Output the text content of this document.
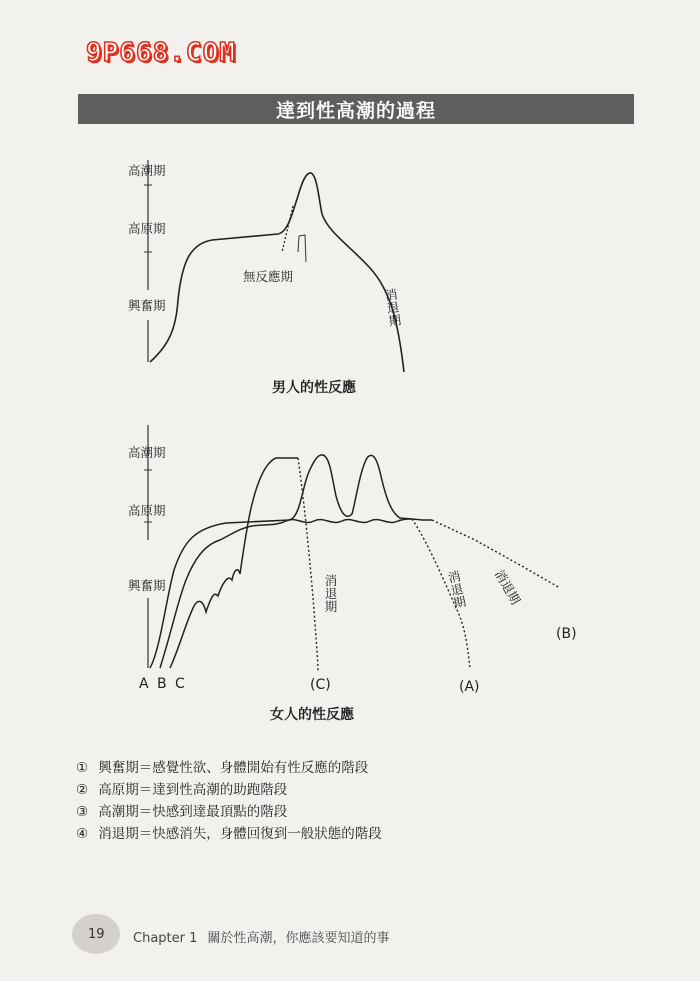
9P668.COM
達到性高潮的過程
高潮期
高原期
興奮期
無反應期
消
退
期
男人的性反應
高潮期
高原期
興奮期
A B C	(C)	(A)
(B)
消
退
期
消
退
期 消退期
女人的性反應
① 興奮期＝感覺性欲、身體開始有性反應的階段
② 高原期＝達到性高潮的助跑階段
③ 高潮期＝快感到達最頂點的階段
④ 消退期＝快感消失，身體回復到一般狀態的階段
19 Chapter 1 關於性高潮，你應該要知道的事
